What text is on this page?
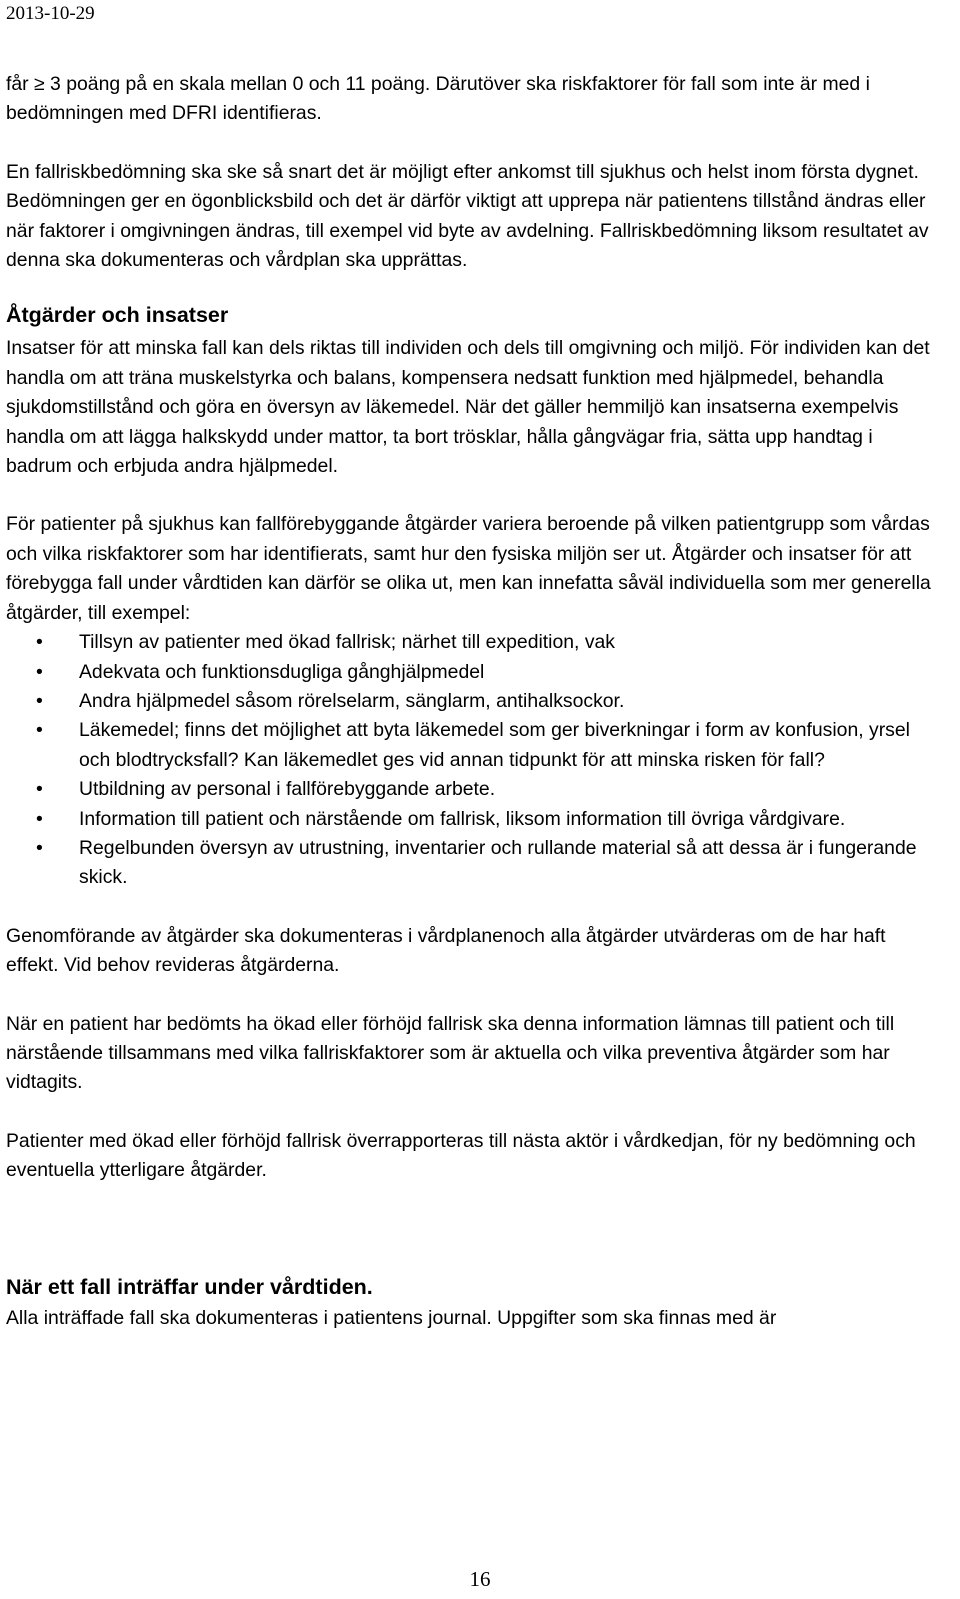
2013-10-29

får ≥ 3 poäng på en skala mellan 0 och 11 poäng. Därutöver ska riskfaktorer för fall som inte är med i bedömningen med DFRI identifieras.

En fallriskbedömning ska ske så snart det är möjligt efter ankomst till sjukhus och helst inom första dygnet. Bedömningen ger en ögonblicksbild och det är därför viktigt att upprepa när patientens tillstånd ändras eller när faktorer i omgivningen ändras, till exempel vid byte av avdelning. Fallriskbedömning liksom resultatet av denna ska dokumenteras och vårdplan ska upprättas.

Åtgärder och insatser

Insatser för att minska fall kan dels riktas till individen och dels till omgivning och miljö. För individen kan det handla om att träna muskelstyrka och balans, kompensera nedsatt funktion med hjälpmedel, behandla sjukdomstillstånd och göra en översyn av läkemedel. När det gäller hemmiljö kan insatserna exempelvis handla om att lägga halkskydd under mattor, ta bort trösklar, hålla gångvägar fria, sätta upp handtag i badrum och erbjuda andra hjälpmedel.

För patienter på sjukhus kan fallförebyggande åtgärder variera beroende på vilken patientgrupp som vårdas och vilka riskfaktorer som har identifierats, samt hur den fysiska miljön ser ut. Åtgärder och insatser för att förebygga fall under vårdtiden kan därför se olika ut, men kan innefatta såväl individuella som mer generella åtgärder, till exempel:

• Tillsyn av patienter med ökad fallrisk; närhet till expedition, vak
• Adekvata och funktionsdugliga gånghjälpmedel
• Andra hjälpmedel såsom rörelselarm, sänglarm, antihalksockor.
• Läkemedel; finns det möjlighet att byta läkemedel som ger biverkningar i form av konfusion, yrsel och blodtrycksfall? Kan läkemedlet ges vid annan tidpunkt för att minska risken för fall?
• Utbildning av personal i fallförebyggande arbete.
• Information till patient och närstående om fallrisk, liksom information till övriga vårdgivare.
• Regelbunden översyn av utrustning, inventarier och rullande material så att dessa är i fungerande skick.

Genomförande av åtgärder ska dokumenteras i vårdplanenoch alla åtgärder utvärderas om de har haft effekt. Vid behov revideras åtgärderna.

När en patient har bedömts ha ökad eller förhöjd fallrisk ska denna information lämnas till patient och till närstående tillsammans med vilka fallriskfaktorer som är aktuella och vilka preventiva åtgärder som har vidtagits.

Patienter med ökad eller förhöjd fallrisk överrapporteras till nästa aktör i vårdkedjan, för ny bedömning och eventuella ytterligare åtgärder.

När ett fall inträffar under vårdtiden.

Alla inträffade fall ska dokumenteras i patientens journal. Uppgifter som ska finnas med är

16
